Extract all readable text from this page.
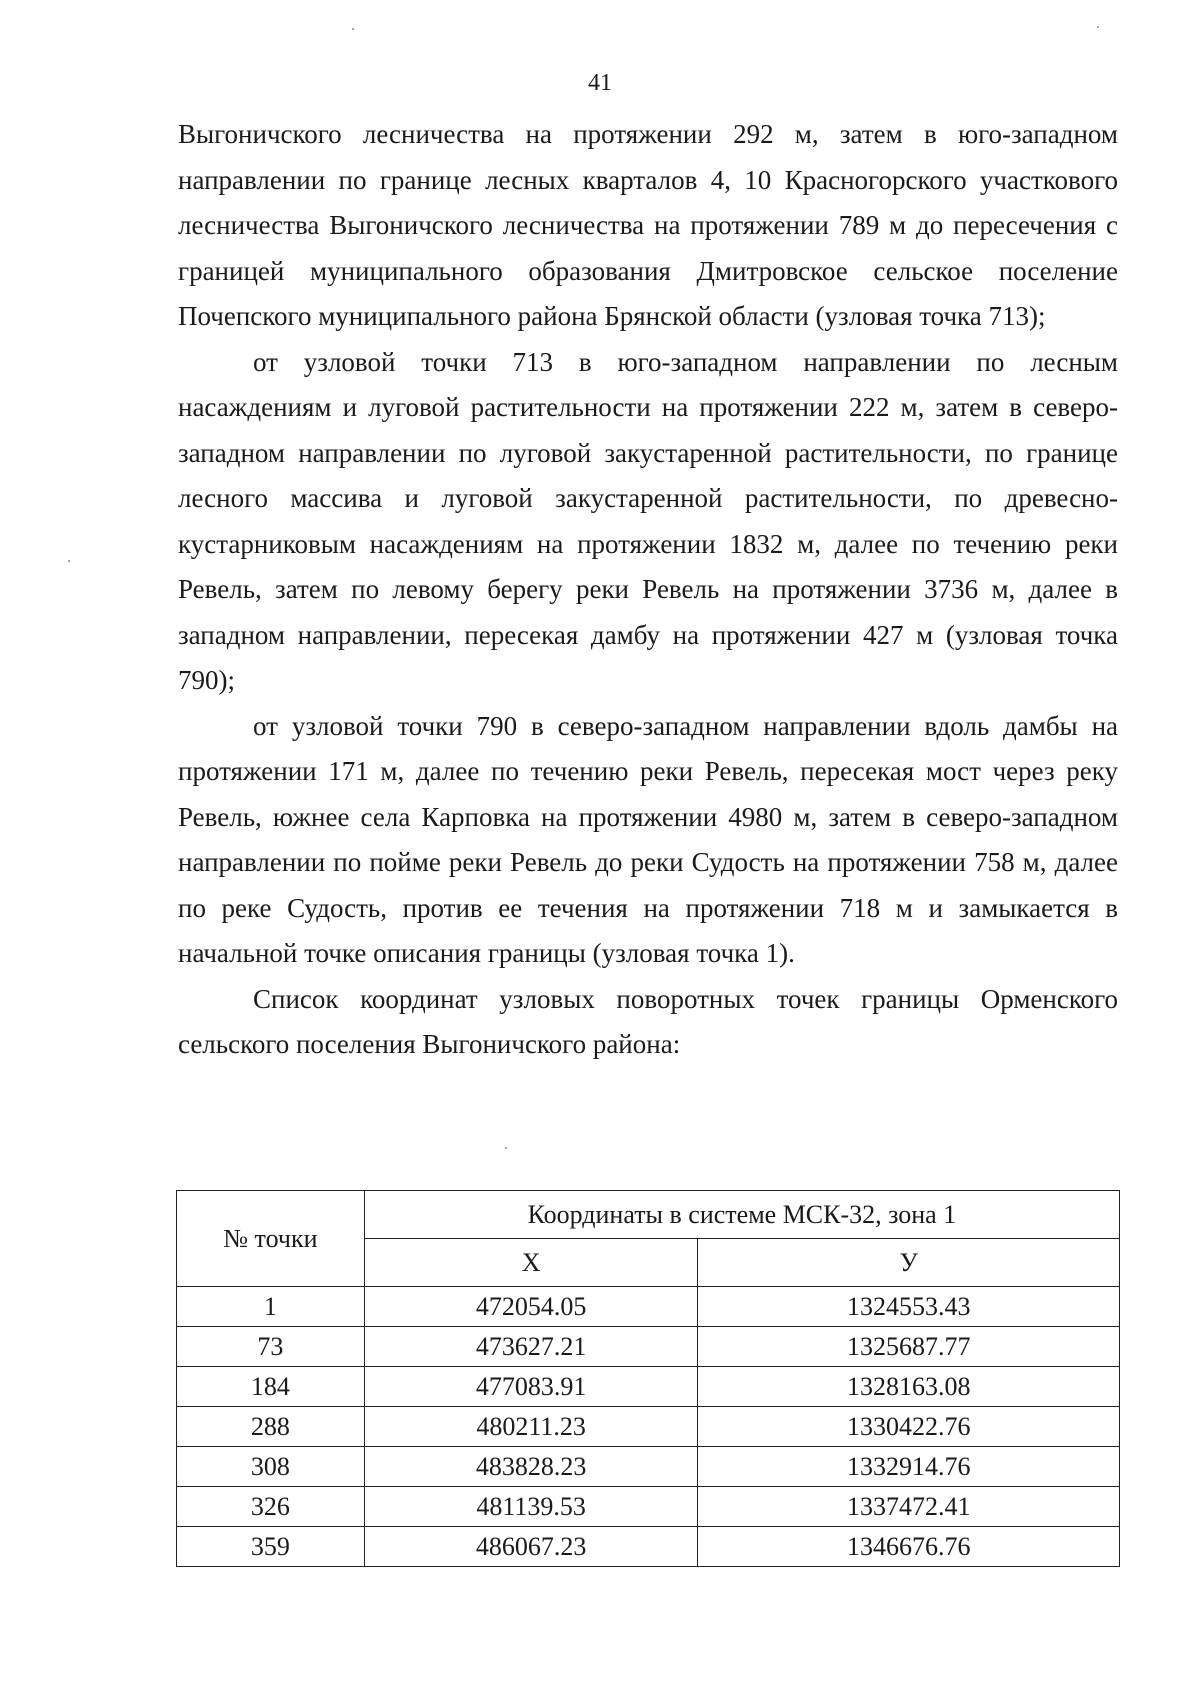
41

Выгоничского лесничества на протяжении 292 м, затем в юго-западном направлении по границе лесных кварталов 4, 10 Красногорского участкового лесничества Выгоничского лесничества на протяжении 789 м до пересечения с границей муниципального образования Дмитровское сельское поселение Почепского муниципального района Брянской области (узловая точка 713);

от узловой точки 713 в юго-западном направлении по лесным насаждениям и луговой растительности на протяжении 222 м, затем в северо-западном направлении по луговой закустаренной растительности, по границе лесного массива и луговой закустаренной растительности, по древесно-кустарниковым насаждениям на протяжении 1832 м, далее по течению реки Ревель, затем по левому берегу реки Ревель на протяжении 3736 м, далее в западном направлении, пересекая дамбу на протяжении 427 м (узловая точка 790);

от узловой точки 790 в северо-западном направлении вдоль дамбы на протяжении 171 м, далее по течению реки Ревель, пересекая мост через реку Ревель, южнее села Карповка на протяжении 4980 м, затем в северо-западном направлении по пойме реки Ревель до реки Судость на протяжении 758 м, далее по реке Судость, против ее течения на протяжении 718 м и замыкается в начальной точке описания границы (узловая точка 1).

Список координат узловых поворотных точек границы Орменского сельского поселения Выгоничского района:

№ точки	Координаты в системе МСК-32, зона 1	
	X	У
1	472054.05	1324553.43
73	473627.21	1325687.77
184	477083.91	1328163.08
288	480211.23	1330422.76
308	483828.23	1332914.76
326	481139.53	1337472.41
359	486067.23	1346676.76
